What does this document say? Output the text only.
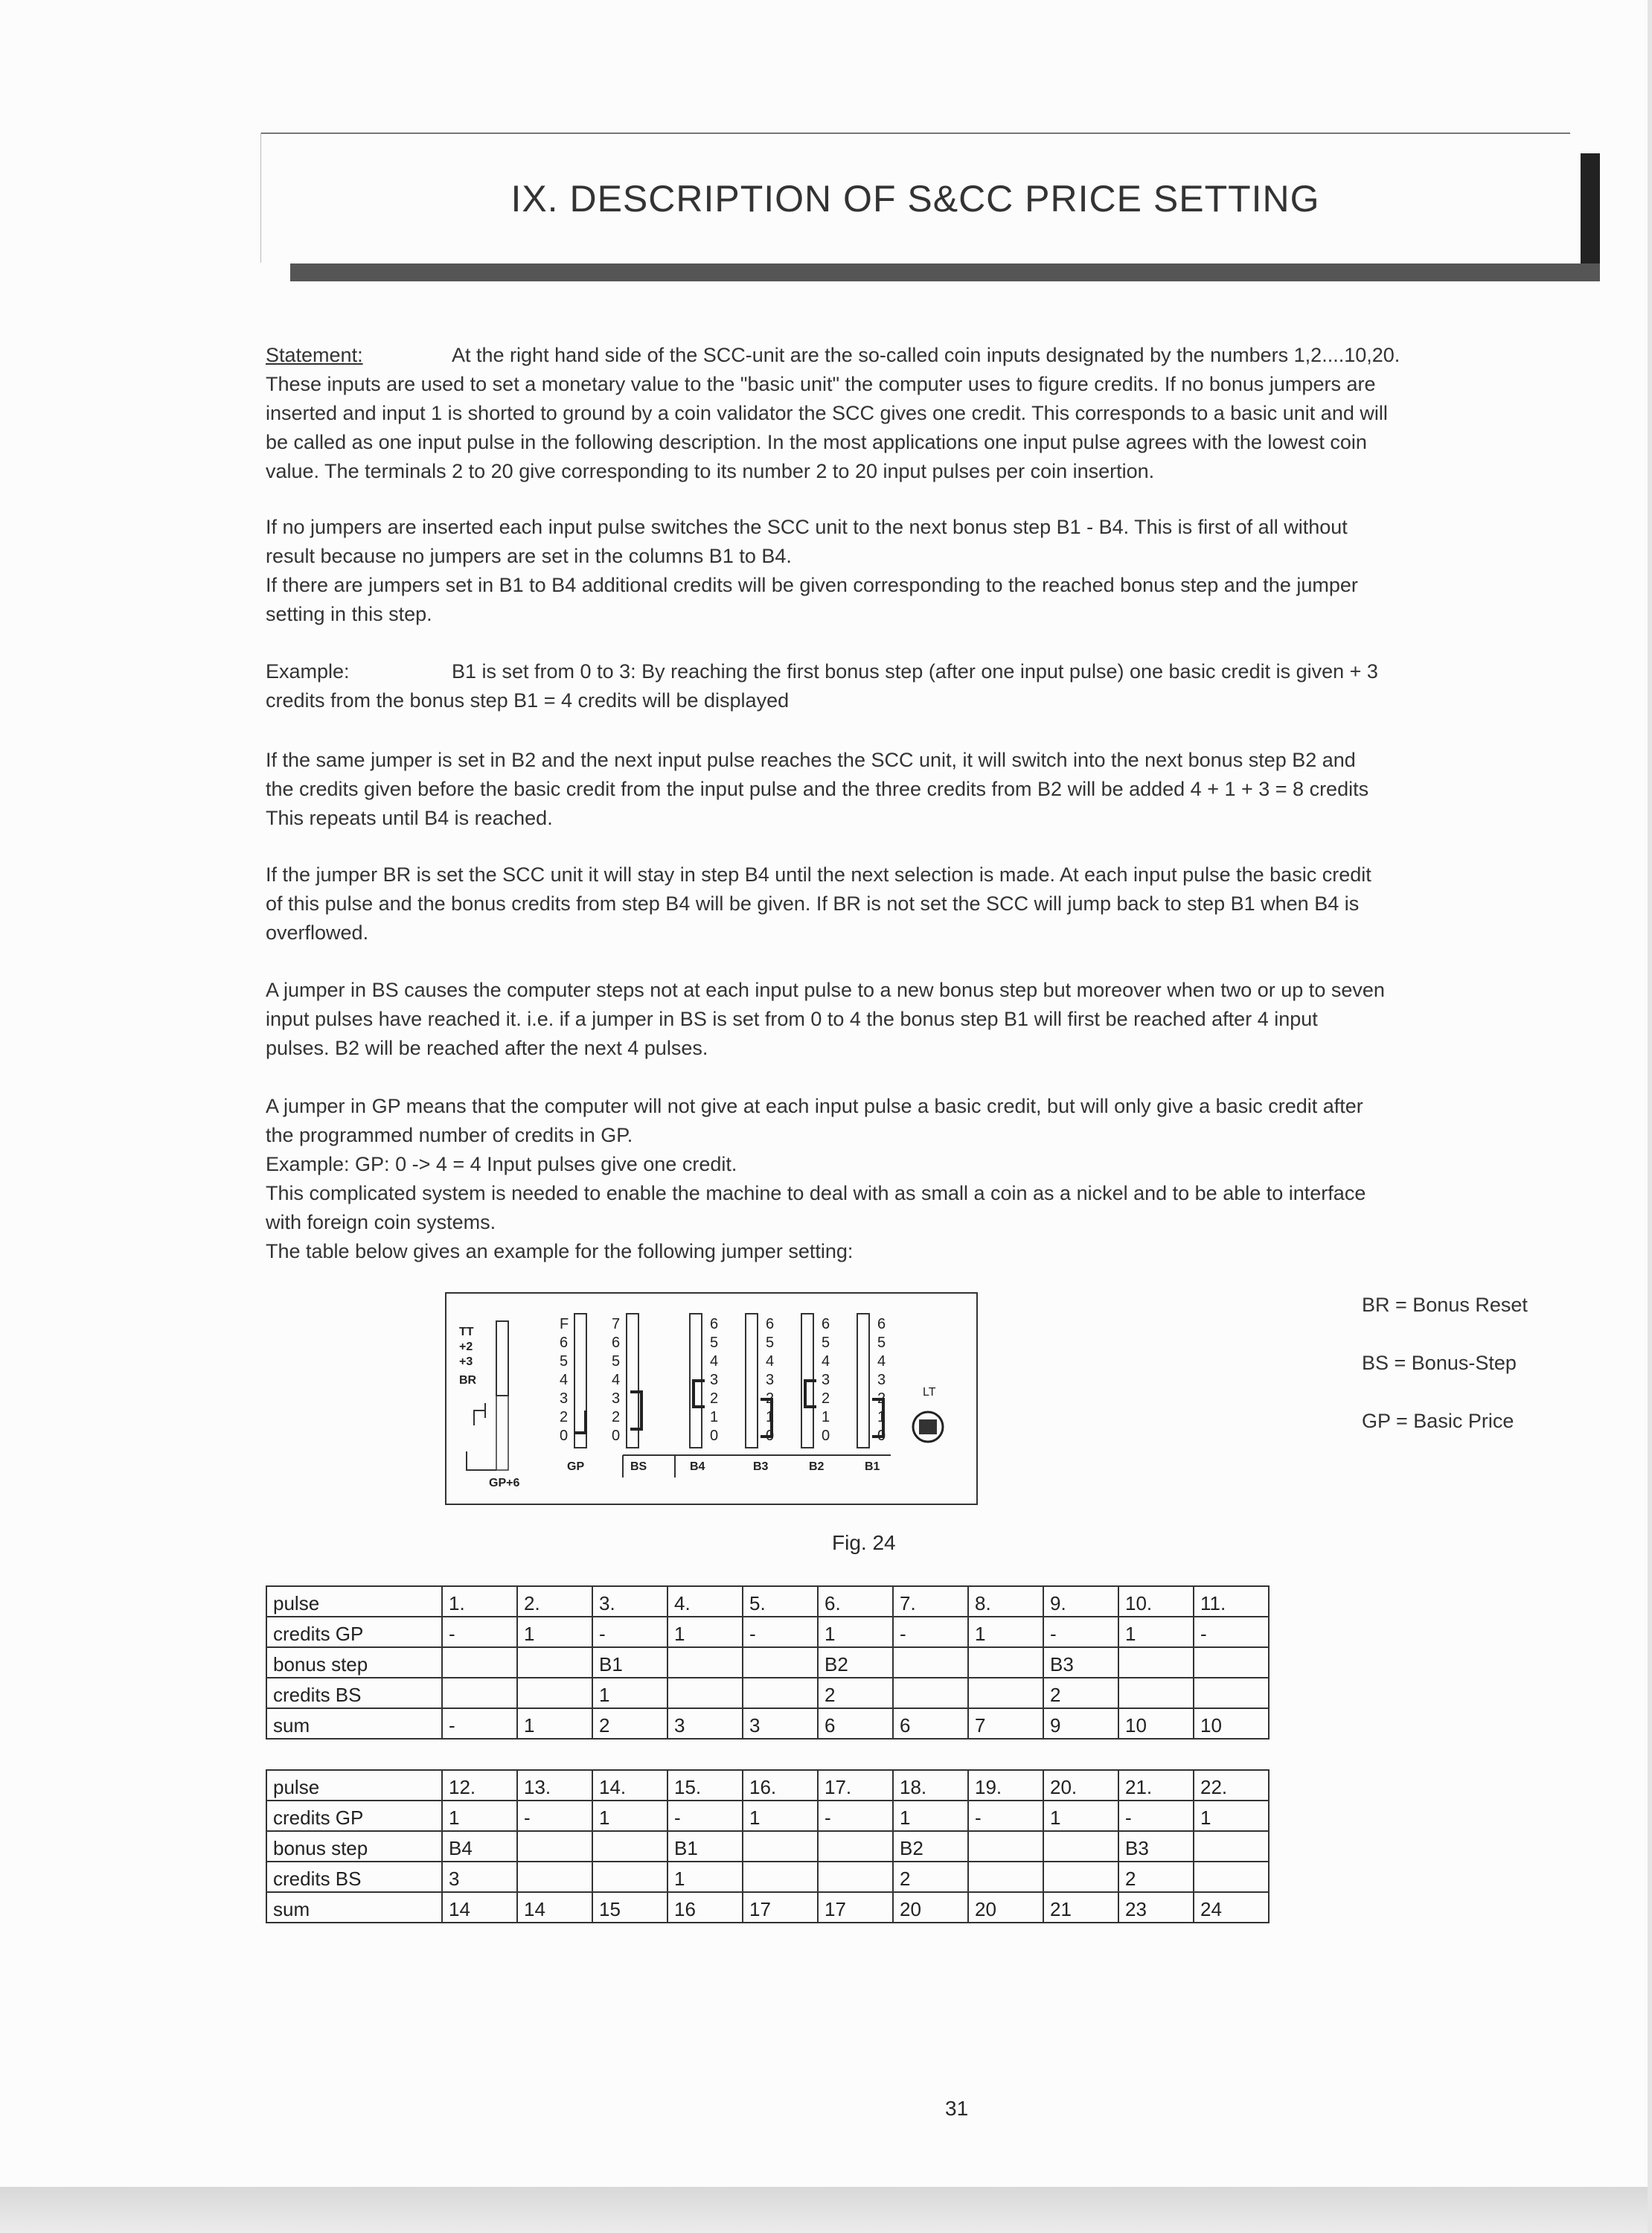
IX. DESCRIPTION OF S&CC PRICE SETTING

Statement:	At the right hand side of the SCC-unit are the so-called coin inputs designated by the numbers 1,2....10,20.

These inputs are used to set a monetary value to the "basic unit" the computer uses to figure credits. If no bonus jumpers are

inserted and input 1 is shorted to ground by a coin validator the SCC gives one credit. This corresponds to a basic unit and will

be called as one input pulse in the following description. In the most applications one input pulse agrees with the lowest coin

value. The terminals 2 to 20 give corresponding to its number 2 to 20 input pulses per coin insertion.

If no jumpers are inserted each input pulse switches the SCC unit to the next bonus step B1 - B4. This is first of all without

result because no jumpers are set in the columns B1 to B4.

If there are jumpers set in B1 to B4 additional credits will be given corresponding to the reached bonus step and the jumper

setting in this step.

Example:	B1 is set from 0 to 3: By reaching the first bonus step (after one input pulse) one basic credit is given + 3

credits from the bonus step B1 = 4 credits will be displayed

If the same jumper is set in B2 and the next input pulse reaches the SCC unit, it will switch into the next bonus step B2 and

the credits given before the basic credit from the input pulse and the three credits from B2 will be added 4 + 1 + 3 = 8 credits

This repeats until B4 is reached.

If the jumper BR is set the SCC unit it will stay in step B4 until the next selection is made. At each input pulse the basic credit

of this pulse and the bonus credits from step B4 will be given. If BR is not set the SCC will jump back to step B1 when B4 is

overflowed.

A jumper in BS causes the computer steps not at each input pulse to a new bonus step but moreover when two or up to seven

input pulses have reached it. i.e. if a jumper in BS is set from 0 to 4 the bonus step B1 will first be reached after 4 input

pulses. B2 will be reached after the next 4 pulses.

A jumper in GP means that the computer will not give at each input pulse a basic credit, but will only give a basic credit after

the programmed number of credits in GP.

Example: GP: 0 -> 4 = 4 Input pulses give one credit.

This complicated system is needed to enable the machine to deal with as small a coin as a nickel and to be able to interface

with foreign coin systems.

The table below gives an example for the following jumper setting:

TT
+2
+3
BR
GP+6
F
6
5
4
3
2
0
GP
7
6
5
4
3
2
0
BS
6
5
4
3
2
1
0
B4
6
5
4
3
2
1
0
B3
6
5
4
3
2
1
0
B2
6
5
4
3
2
1
0
B1
LT
BR = Bonus Reset
BS = Bonus-Step
GP = Basic Price
Fig. 24
pulse	1.	2.	3.	4.	5.	6.	7.	8.	9.	10.	11.
credits GP	-	1	-	1	-	1	-	1	-	1	-
bonus step			B1			B2			B3		
credits BS			1			2			2		
sum	-	1	2	3	3	6	6	7	9	10	10
pulse	12.	13.	14.	15.	16.	17.	18.	19.	20.	21.	22.
credits GP	1	-	1	-	1	-	1	-	1	-	1
bonus step	B4			B1			B2			B3	
credits BS	3			1			2			2	
sum	14	14	15	16	17	17	20	20	21	23	24
31
